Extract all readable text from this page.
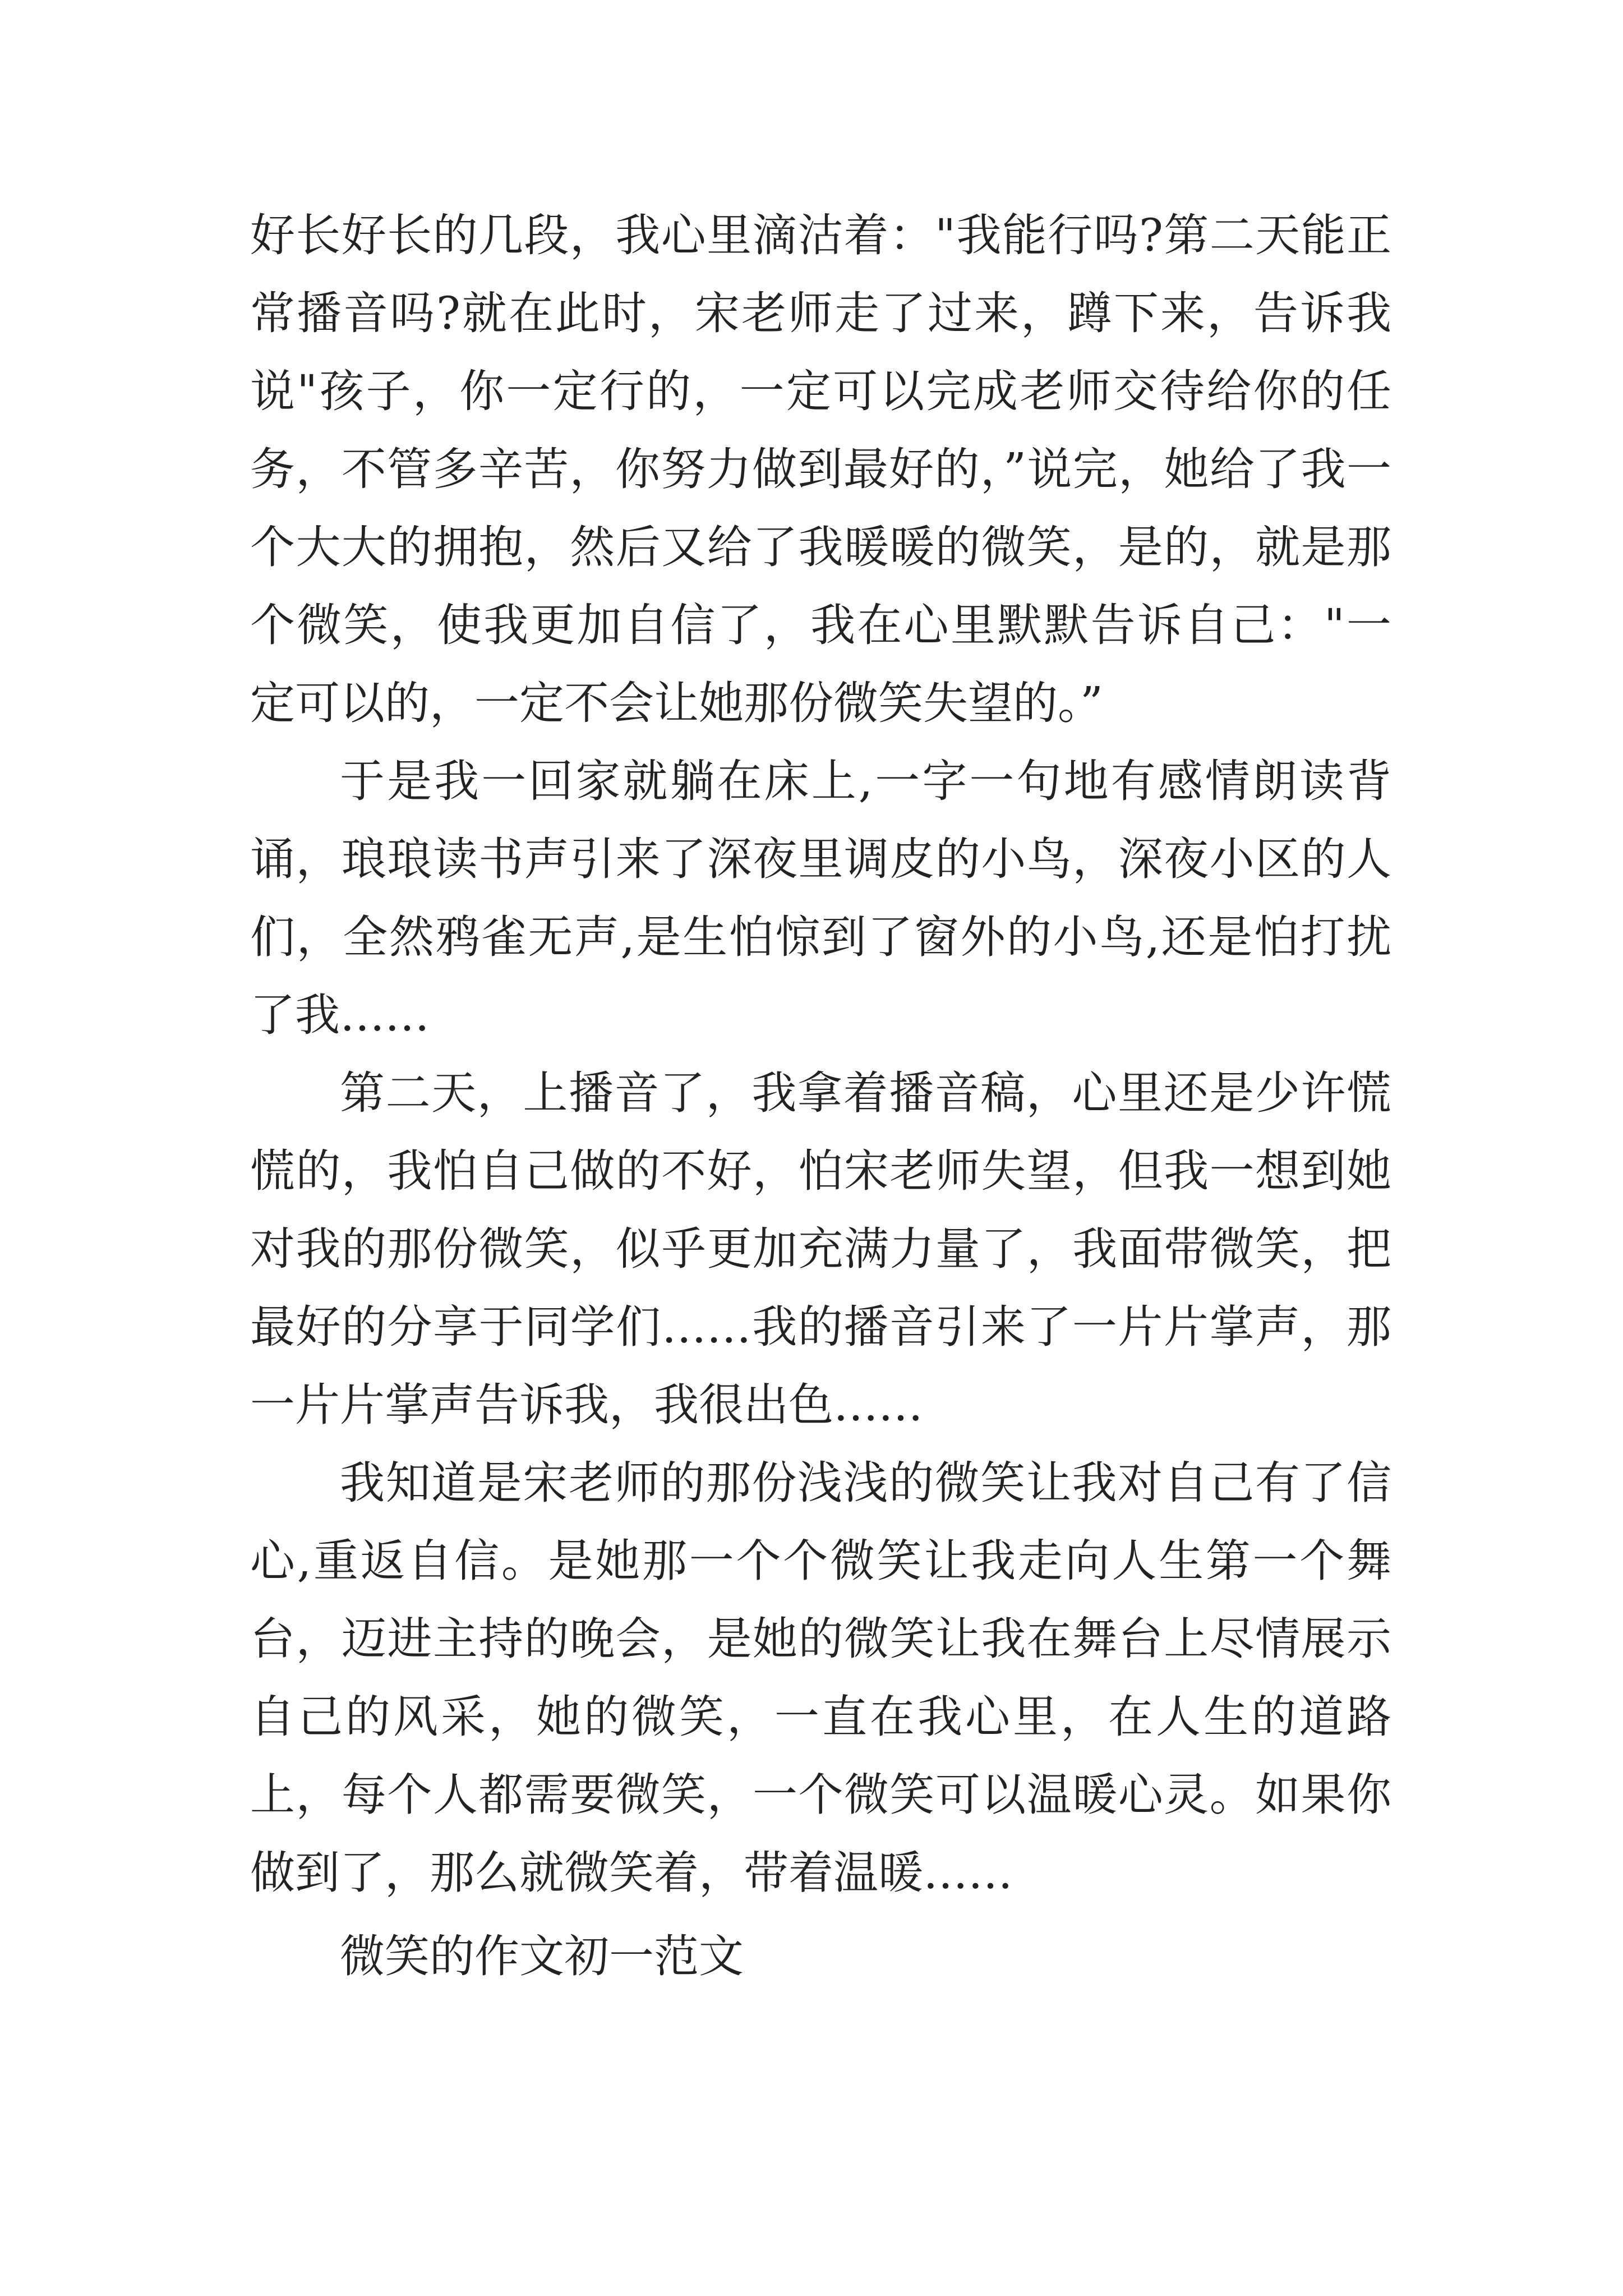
好长好长的几段，我心里滴沽着："我能行吗?第二天能正常播音吗?就在此时，宋老师走了过来，蹲下来，告诉我说"孩子，你一定行的，一定可以完成老师交待给你的任务，不管多辛苦，你努力做到最好的，”说完，她给了我一个大大的拥抱，然后又给了我暖暖的微笑，是的，就是那个微笑，使我更加自信了，我在心里默默告诉自己："一定可以的，一定不会让她那份微笑失望的。”

于是我一回家就躺在床上,一字一句地有感情朗读背诵，琅琅读书声引来了深夜里调皮的小鸟，深夜小区的人们，全然鸦雀无声,是生怕惊到了窗外的小鸟,还是怕打扰了我……

第二天，上播音了，我拿着播音稿，心里还是少许慌慌的，我怕自己做的不好，怕宋老师失望，但我一想到她对我的那份微笑，似乎更加充满力量了，我面带微笑，把最好的分享于同学们……我的播音引来了一片片掌声，那一片片掌声告诉我，我很出色……

我知道是宋老师的那份浅浅的微笑让我对自己有了信心,重返自信。是她那一个个微笑让我走向人生第一个舞台，迈进主持的晚会，是她的微笑让我在舞台上尽情展示自己的风采，她的微笑，一直在我心里，在人生的道路上，每个人都需要微笑，一个微笑可以温暖心灵。如果你做到了，那么就微笑着，带着温暖……

微笑的作文初一范文
